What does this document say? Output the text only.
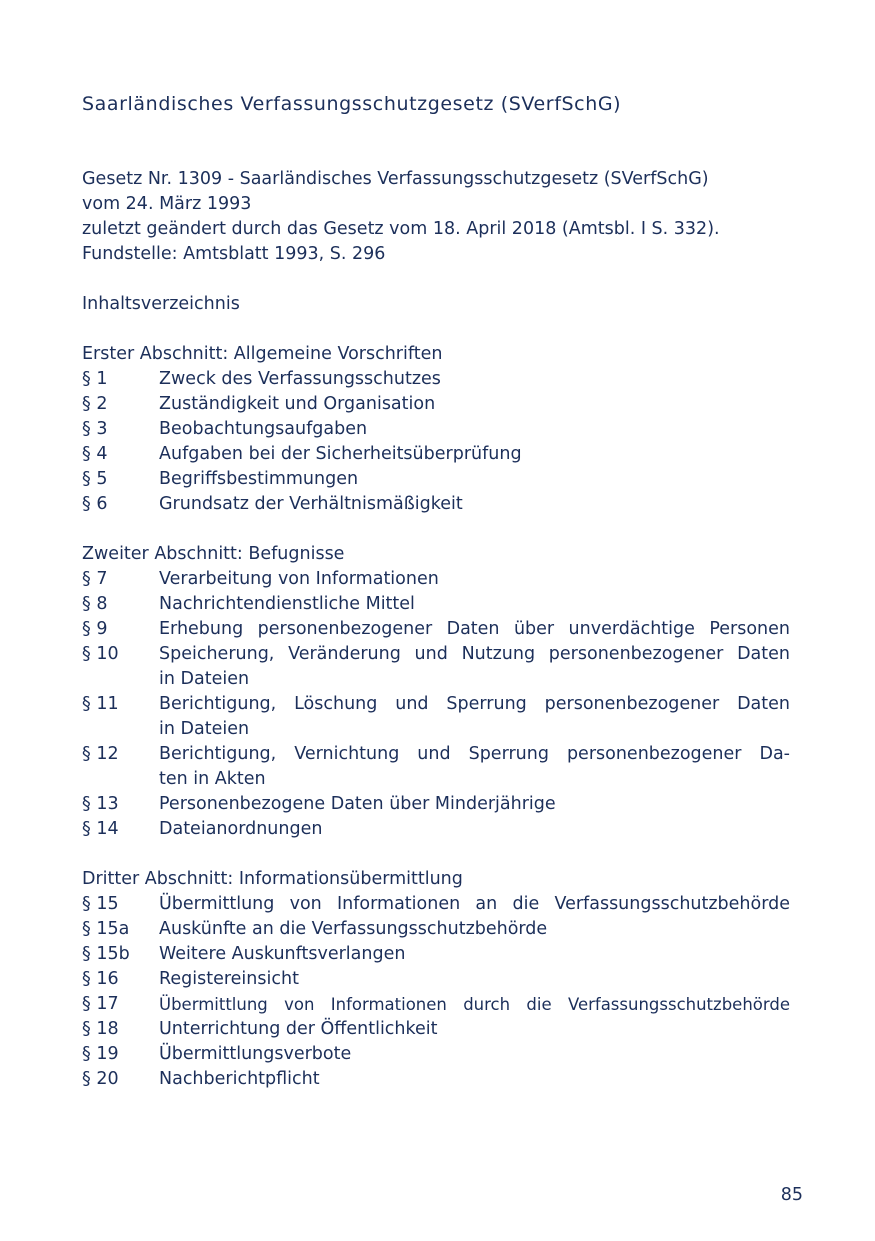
Saarländisches Verfassungsschutzgesetz (SVerfSchG)
Gesetz Nr. 1309 - Saarländisches Verfassungsschutzgesetz (SVerfSchG)
vom 24. März 1993
zuletzt geändert durch das Gesetz vom 18. April 2018 (Amtsbl. I S. 332).
Fundstelle: Amtsblatt 1993, S. 296
Inhaltsverzeichnis
Erster Abschnitt: Allgemeine Vorschriften
§ 1	Zweck des Verfassungsschutzes
§ 2	Zuständigkeit und Organisation
§ 3	Beobachtungsaufgaben
§ 4	Aufgaben bei der Sicherheitsüberprüfung
§ 5	Begriffsbestimmungen
§ 6	Grundsatz der Verhältnismäßigkeit
Zweiter Abschnitt: Befugnisse
§ 7	Verarbeitung von Informationen
§ 8	Nachrichtendienstliche Mittel
§ 9	Erhebung personenbezogener Daten über unverdächtige Personen
§ 10	Speicherung, Veränderung und Nutzung personenbezogener Daten
in Dateien
§ 11	Berichtigung, Löschung und Sperrung personenbezogener Daten
in Dateien
§ 12	Berichtigung, Vernichtung und Sperrung personenbezogener Da-
ten in Akten
§ 13	Personenbezogene Daten über Minderjährige
§ 14	Dateianordnungen
Dritter Abschnitt: Informationsübermittlung
§ 15	Übermittlung von Informationen an die Verfassungsschutzbehörde
§ 15a	Auskünfte an die Verfassungsschutzbehörde
§ 15b	Weitere Auskunftsverlangen
§ 16	Registereinsicht
§ 17	Übermittlung von Informationen durch die Verfassungsschutzbehörde
§ 18	Unterrichtung der Öffentlichkeit
§ 19	Übermittlungsverbote
§ 20	Nachberichtpflicht
85
